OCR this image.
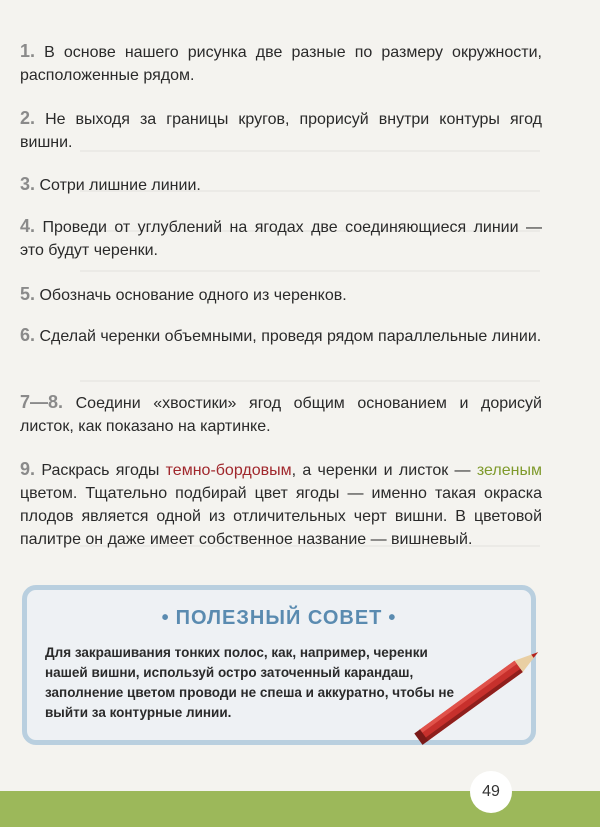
1. В основе нашего рисунка две разные по размеру окружности, расположенные рядом.

2. Не выходя за границы кругов, прорисуй внутри контуры ягод вишни.

3. Сотри лишние линии.

4. Проведи от углублений на ягодах две соединяющиеся линии — это будут черенки.

5. Обозначь основание одного из черенков.

6. Сделай черенки объемными, проведя рядом параллельные линии.

7—8. Соедини «хвостики» ягод общим основанием и дорисуй листок, как показано на картинке.

9. Раскрась ягоды темно-бордовым, а черенки и листок — зеленым цветом. Тщательно подбирай цвет ягоды — именно такая окраска плодов является одной из отличительных черт вишни. В цветовой палитре он даже имеет собственное название — вишневый.

• ПОЛЕЗНЫЙ СОВЕТ •

Для закрашивания тонких полос, как, например, черенки нашей вишни, используй остро заточенный карандаш, заполнение цветом проводи не спеша и аккуратно, чтобы не выйти за контурные линии.

49
